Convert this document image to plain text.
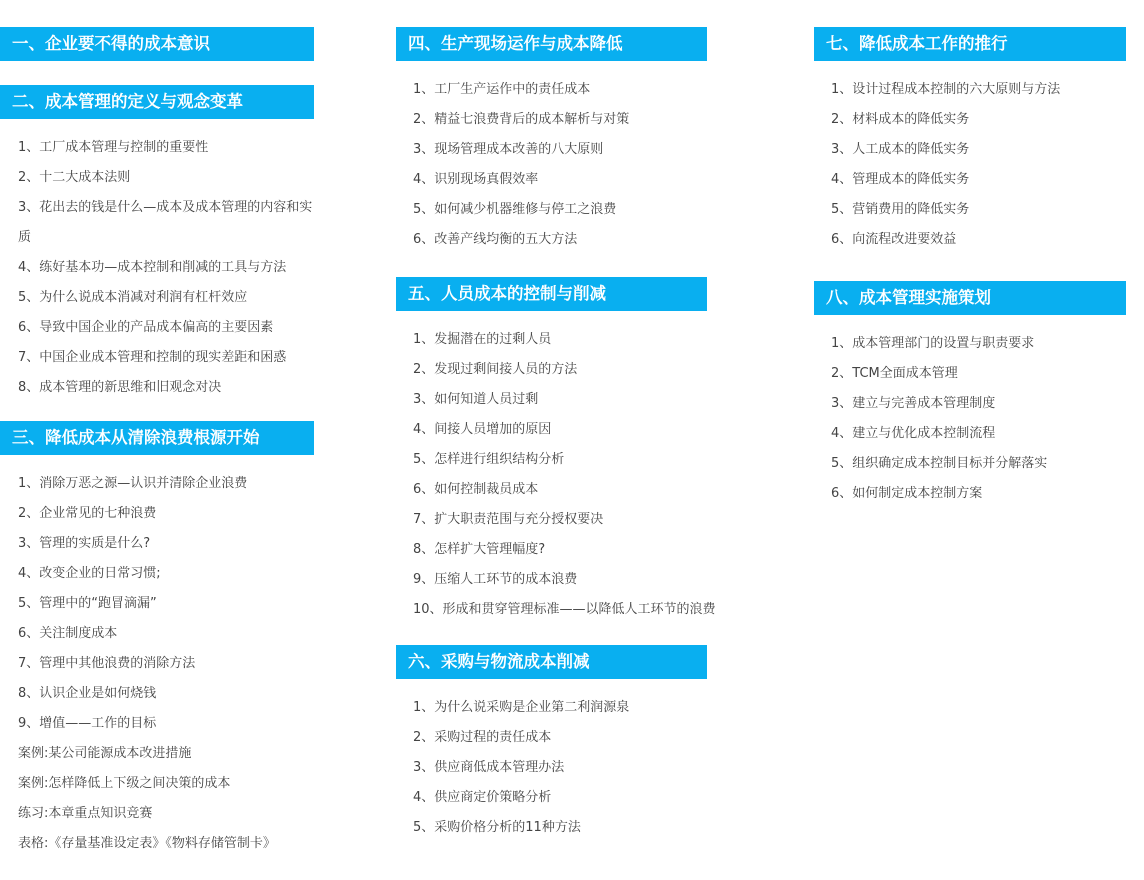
一、企业要不得的成本意识
二、成本管理的定义与观念变革
1、工厂成本管理与控制的重要性
2、十二大成本法则
3、花出去的钱是什么—成本及成本管理的内容和实质
4、练好基本功—成本控制和削减的工具与方法
5、为什么说成本消减对利润有杠杆效应
6、导致中国企业的产品成本偏高的主要因素
7、中国企业成本管理和控制的现实差距和困惑
8、成本管理的新思维和旧观念对决
三、降低成本从清除浪费根源开始
1、消除万恶之源—认识并清除企业浪费
2、企业常见的七种浪费
3、管理的实质是什么?
4、改变企业的日常习惯;
5、管理中的“跑冒滴漏”
6、关注制度成本
7、管理中其他浪费的消除方法
8、认识企业是如何烧钱
9、增值——工作的目标
案例:某公司能源成本改进措施
案例:怎样降低上下级之间决策的成本
练习:本章重点知识竞赛
表格:《存量基准设定表》《物料存储管制卡》
四、生产现场运作与成本降低
1、工厂生产运作中的责任成本
2、精益七浪费背后的成本解析与对策
3、现场管理成本改善的八大原则
4、识别现场真假效率
5、如何减少机器维修与停工之浪费
6、改善产线均衡的五大方法
五、人员成本的控制与削减
1、发掘潜在的过剩人员
2、发现过剩间接人员的方法
3、如何知道人员过剩
4、间接人员增加的原因
5、怎样进行组织结构分析
6、如何控制裁员成本
7、扩大职责范围与充分授权要决
8、怎样扩大管理幅度?
9、压缩人工环节的成本浪费
10、形成和贯穿管理标准——以降低人工环节的浪费
六、采购与物流成本削减
1、为什么说采购是企业第二利润源泉
2、采购过程的责任成本
3、供应商低成本管理办法
4、供应商定价策略分析
5、采购价格分析的11种方法
七、降低成本工作的推行
1、设计过程成本控制的六大原则与方法
2、材料成本的降低实务
3、人工成本的降低实务
4、管理成本的降低实务
5、营销费用的降低实务
6、向流程改进要效益
八、成本管理实施策划
1、成本管理部门的设置与职责要求
2、TCM全面成本管理
3、建立与完善成本管理制度
4、建立与优化成本控制流程
5、组织确定成本控制目标并分解落实
6、如何制定成本控制方案
